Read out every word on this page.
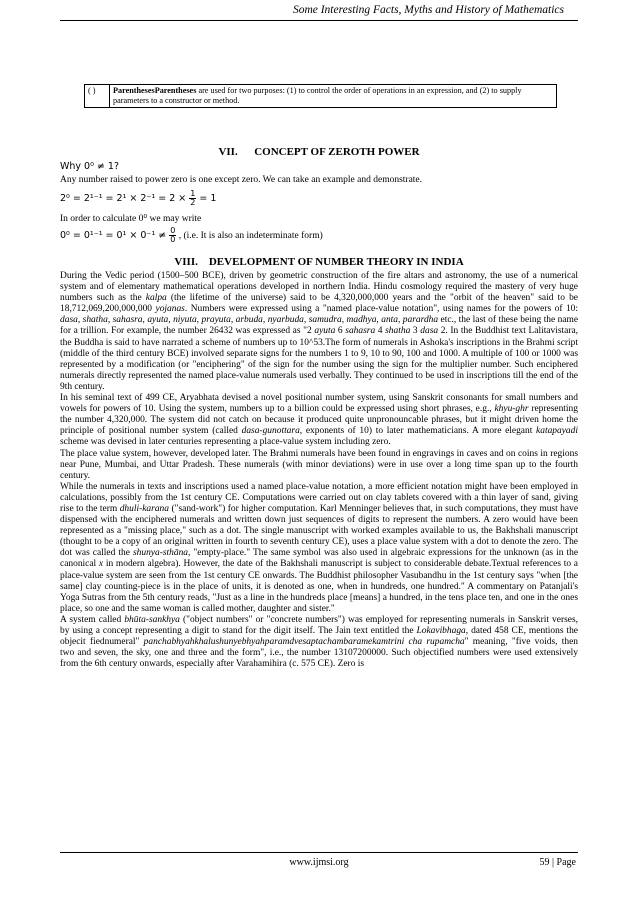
Some Interesting Facts, Myths and History of Mathematics
( )	ParenthesesParentheses are used for two purposes: (1) to control the order of operations in an expression, and (2) to supply parameters to a constructor or method.
VII.      CONCEPT OF ZEROTH POWER
Why 0⁰ ≠ 1?
Any number raised to power zero is one except zero. We can take an example and demonstrate.
$2^0 = 2^{1-1} = 2^1 \times 2^{-1} = 2 \times \frac{1}{2} = 1$
In order to calculate 0⁰ we may write
$0^0 = 0^{1-1} = 0^1 \times 0^{-1} \ne \frac{0}{0}$ , (i.e. It is also an indeterminate form)
VIII.    DEVELOPMENT OF NUMBER THEORY IN INDIA

During the Vedic period (1500–500 BCE), driven by geometric construction of the fire altars and astronomy, the use of a numerical system and of elementary mathematical operations developed in northern India. Hindu cosmology required the mastery of very huge numbers such as the kalpa (the lifetime of the universe) said to be 4,320,000,000 years and the "orbit of the heaven" said to be 18,712,069,200,000,000 yojanas. Numbers were expressed using a "named place-value notation", using names for the powers of 10: dasa, shatha, sahasra, ayuta, niyuta, prayuta, arbuda, nyarbuda, samudra, madhya, anta, parardha etc., the last of these being the name for a trillion. For example, the number 26432 was expressed as "2 ayuta 6 sahasra 4 shatha 3 dasa 2. In the Buddhist text Lalitavistara, the Buddha is said to have narrated a scheme of numbers up to 10^53.The form of numerals in Ashoka's inscriptions in the Brahmi script (middle of the third century BCE) involved separate signs for the numbers 1 to 9, 10 to 90, 100 and 1000. A multiple of 100 or 1000 was represented by a modification (or "enciphering" of the sign for the number using the sign for the multiplier number. Such enciphered numerals directly represented the named place-value numerals used verbally. They continued to be used in inscriptions till the end of the 9th century.

In his seminal text of 499 CE, Aryabhata devised a novel positional number system, using Sanskrit consonants for small numbers and vowels for powers of 10. Using the system, numbers up to a billion could be expressed using short phrases, e.g., khyu-ghr representing the number 4,320,000. The system did not catch on because it produced quite unpronouncable phrases, but it might driven home the principle of positional number system (called dasa-gunottara, exponents of 10) to later mathematicians. A more elegant katapayadi scheme was devised in later centuries representing a place-value system including zero.

The place value system, however, developed later. The Brahmi numerals have been found in engravings in caves and on coins in regions near Pune, Mumbai, and Uttar Pradesh. These numerals (with minor deviations) were in use over a long time span up to the fourth century.

While the numerals in texts and inscriptions used a named place-value notation, a more efficient notation might have been employed in calculations, possibly from the 1st century CE. Computations were carried out on clay tablets covered with a thin layer of sand, giving rise to the term dhuli-karana ("sand-work") for higher computation. Karl Menninger believes that, in such computations, they must have dispensed with the enciphered numerals and written down just sequences of digits to represent the numbers. A zero would have been represented as a "missing place," such as a dot. The single manuscript with worked examples available to us, the Bakhshali manuscript (thought to be a copy of an original written in fourth to seventh century CE), uses a place value system with a dot to denote the zero. The dot was called the shunya-sthāna, "empty-place." The same symbol was also used in algebraic expressions for the unknown (as in the canonical x in modern algebra). However, the date of the Bakhshali manuscript is subject to considerable debate.Textual references to a place-value system are seen from the 1st century CE onwards. The Buddhist philosopher Vasubandhu in the 1st century says "when [the same] clay counting-piece is in the place of units, it is denoted as one, when in hundreds, one hundred." A commentary on Patanjali's Yoga Sutras from the 5th century reads, "Just as a line in the hundreds place [means] a hundred, in the tens place ten, and one in the ones place, so one and the same woman is called mother, daughter and sister."

A system called bhūta-sankhya ("object numbers" or "concrete numbers") was employed for representing numerals in Sanskrit verses, by using a concept representing a digit to stand for the digit itself. The Jain text entitled the Lokavibhaga, dated 458 CE, mentions the objecit fiednumeral" panchabhyahkhalushunyebhyahparamdvesaptachambaramekamtrini cha rupamcha" meaning, "five voids, then two and seven, the sky, one and three and the form", i.e., the number 13107200000. Such objectified numbers were used extensively from the 6th century onwards, especially after Varahamihira (c. 575 CE). Zero is

www.ijmsi.org	59 | Page
